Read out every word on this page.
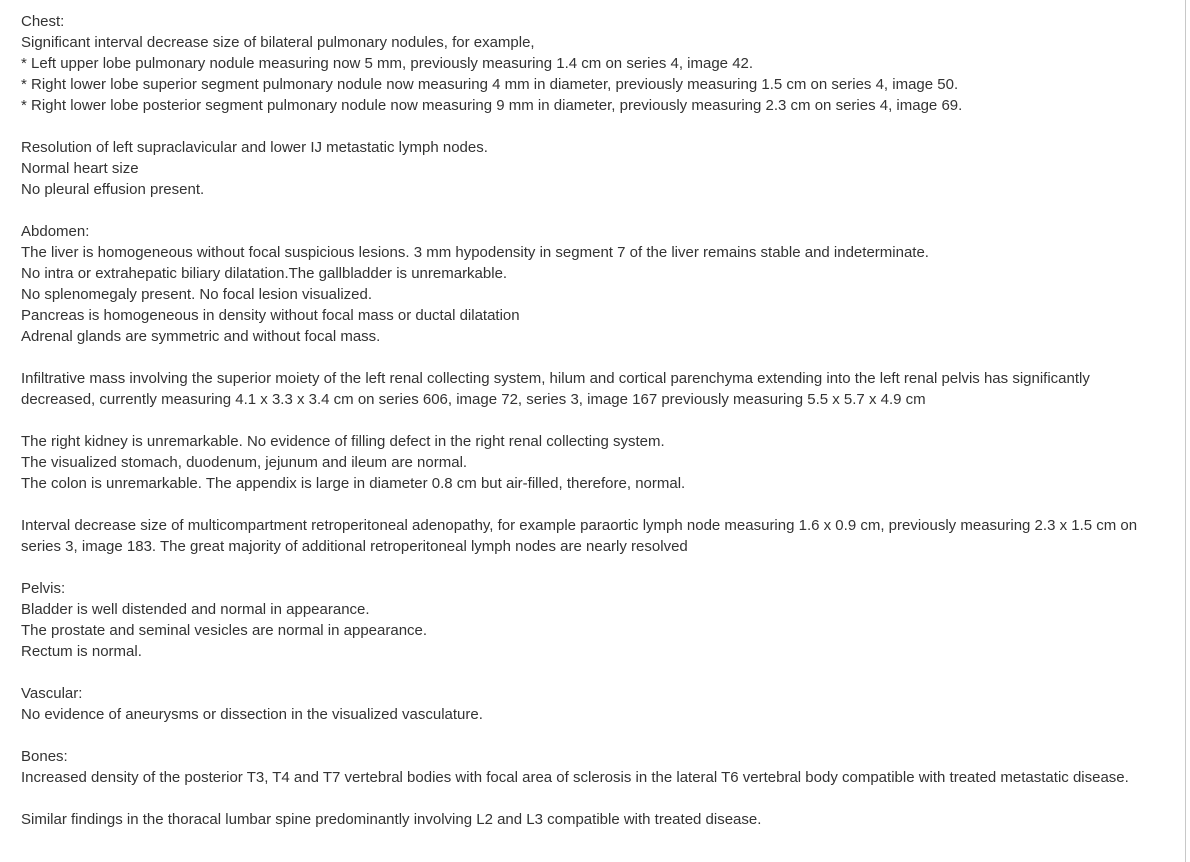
Chest:
Significant interval decrease size of bilateral pulmonary nodules, for example,
* Left upper lobe pulmonary nodule measuring now 5 mm, previously measuring 1.4 cm on series 4, image 42.
* Right lower lobe superior segment pulmonary nodule now measuring 4 mm in diameter, previously measuring 1.5 cm on series 4, image 50.
* Right lower lobe posterior segment pulmonary nodule now measuring 9 mm in diameter, previously measuring 2.3 cm on series 4, image 69.
Resolution of left supraclavicular and lower IJ metastatic lymph nodes.
Normal heart size
No pleural effusion present.
Abdomen:
The liver is homogeneous without focal suspicious lesions. 3 mm hypodensity in segment 7 of the liver remains stable and indeterminate.
No intra or extrahepatic biliary dilatation.The gallbladder is unremarkable.
No splenomegaly present. No focal lesion visualized.
Pancreas is homogeneous in density without focal mass or ductal dilatation
Adrenal glands are symmetric and without focal mass.
Infiltrative mass involving the superior moiety of the left renal collecting system, hilum and cortical parenchyma extending into the left renal pelvis has significantly decreased, currently measuring 4.1 x 3.3 x 3.4 cm on series 606, image 72, series 3, image 167 previously measuring 5.5 x 5.7 x 4.9 cm
The right kidney is unremarkable. No evidence of filling defect in the right renal collecting system.
The visualized stomach, duodenum, jejunum and ileum are normal.
The colon is unremarkable. The appendix is large in diameter 0.8 cm but air-filled, therefore, normal.
Interval decrease size of multicompartment retroperitoneal adenopathy, for example paraortic lymph node measuring 1.6 x 0.9 cm, previously measuring 2.3 x 1.5 cm on series 3, image 183. The great majority of additional retroperitoneal lymph nodes are nearly resolved
Pelvis:
Bladder is well distended and normal in appearance.
The prostate and seminal vesicles are normal in appearance.
Rectum is normal.
Vascular:
No evidence of aneurysms or dissection in the visualized vasculature.
Bones:
Increased density of the posterior T3, T4 and T7 vertebral bodies with focal area of sclerosis in the lateral T6 vertebral body compatible with treated metastatic disease.
Similar findings in the thoracal lumbar spine predominantly involving L2 and L3 compatible with treated disease.
